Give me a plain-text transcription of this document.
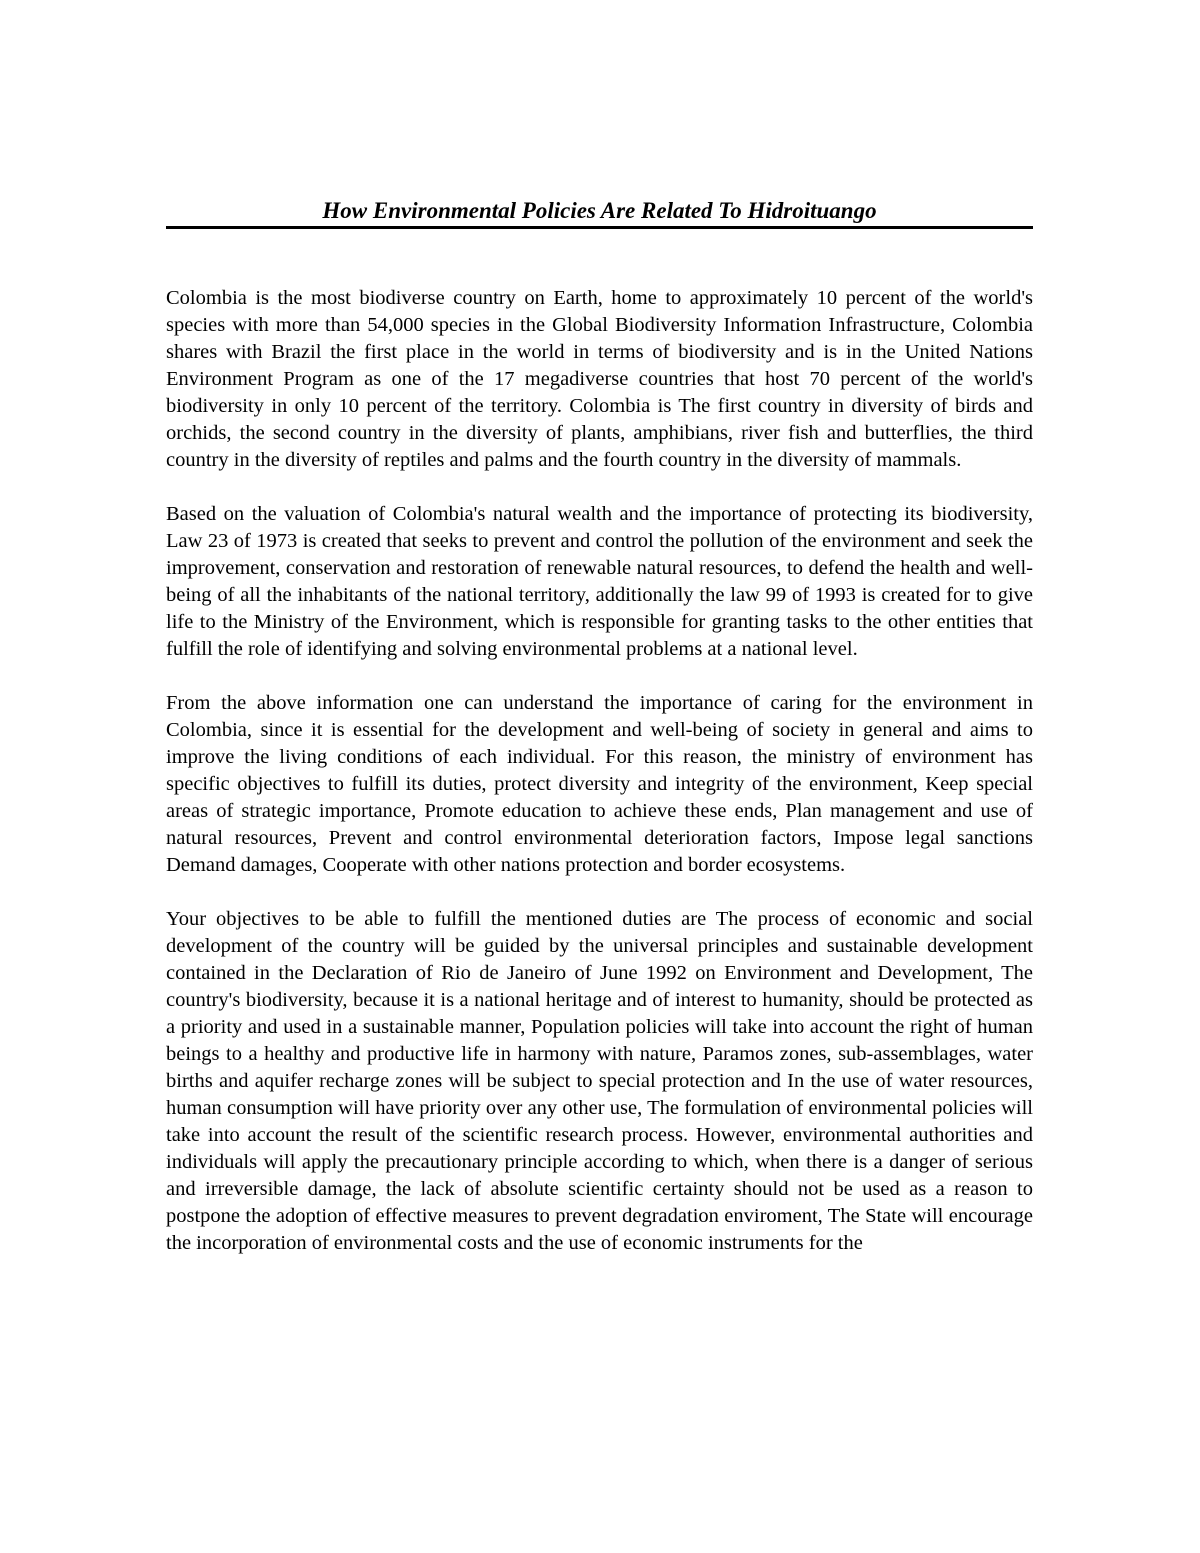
How Environmental Policies Are Related To Hidroituango

Colombia is the most biodiverse country on Earth, home to approximately 10 percent of the world's species with more than 54,000 species in the Global Biodiversity Information Infrastructure, Colombia shares with Brazil the first place in the world in terms of biodiversity and is in the United Nations Environment Program as one of the 17 megadiverse countries that host 70 percent of the world's biodiversity in only 10 percent of the territory. Colombia is The first country in diversity of birds and orchids, the second country in the diversity of plants, amphibians, river fish and butterflies, the third country in the diversity of reptiles and palms and the fourth country in the diversity of mammals.

Based on the valuation of Colombia's natural wealth and the importance of protecting its biodiversity, Law 23 of 1973 is created that seeks to prevent and control the pollution of the environment and seek the improvement, conservation and restoration of renewable natural resources, to defend the health and well-being of all the inhabitants of the national territory, additionally the law 99 of 1993 is created for to give life to the Ministry of the Environment, which is responsible for granting tasks to the other entities that fulfill the role of identifying and solving environmental problems at a national level.

From the above information one can understand the importance of caring for the environment in Colombia, since it is essential for the development and well-being of society in general and aims to improve the living conditions of each individual. For this reason, the ministry of environment has specific objectives to fulfill its duties, protect diversity and integrity of the environment, Keep special areas of strategic importance, Promote education to achieve these ends, Plan management and use of natural resources, Prevent and control environmental deterioration factors, Impose legal sanctions Demand damages, Cooperate with other nations protection and border ecosystems.

Your objectives to be able to fulfill the mentioned duties are The process of economic and social development of the country will be guided by the universal principles and sustainable development contained in the Declaration of Rio de Janeiro of June 1992 on Environment and Development, The country's biodiversity, because it is a national heritage and of interest to humanity, should be protected as a priority and used in a sustainable manner, Population policies will take into account the right of human beings to a healthy and productive life in harmony with nature, Paramos zones, sub-assemblages, water births and aquifer recharge zones will be subject to special protection and In the use of water resources, human consumption will have priority over any other use, The formulation of environmental policies will take into account the result of the scientific research process. However, environmental authorities and individuals will apply the precautionary principle according to which, when there is a danger of serious and irreversible damage, the lack of absolute scientific certainty should not be used as a reason to postpone the adoption of effective measures to prevent degradation enviroment, The State will encourage the incorporation of environmental costs and the use of economic instruments for the
